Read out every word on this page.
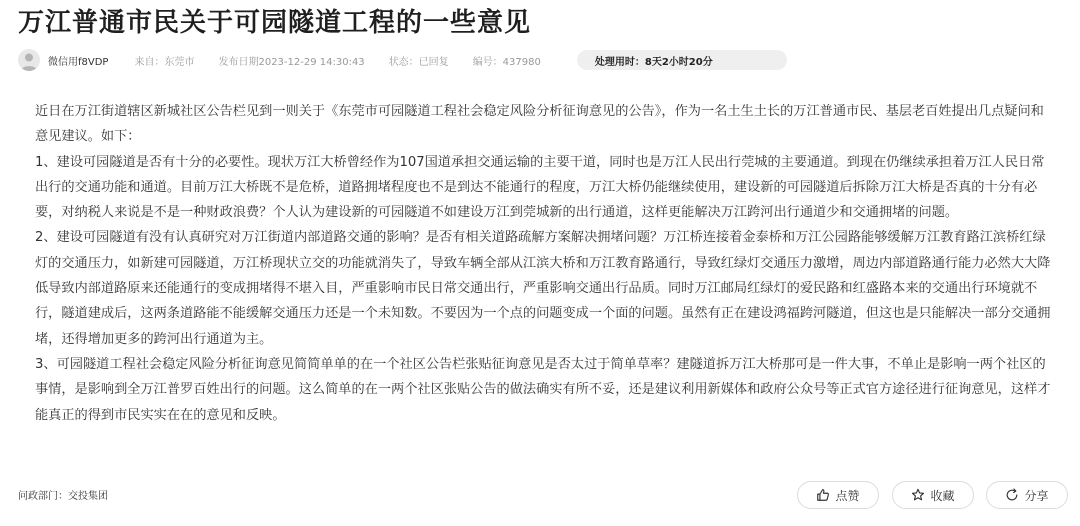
万江普通市民关于可园隧道工程的一些意见
微信用f8VDP	来自：东莞市 发布日期2023-12-29 14:30:43 状态：已回复 编号：437980	处理用时：8天2小时20分

近日在万江街道辖区新城社区公告栏见到一则关于《东莞市可园隧道工程社会稳定风险分析征询意见的公告》，作为一名土生土长的万江普通市民、基层老百姓提出几点疑问和意见建议。如下：

1、建设可园隧道是否有十分的必要性。现状万江大桥曾经作为107国道承担交通运输的主要干道，同时也是万江人民出行莞城的主要通道。到现在仍继续承担着万江人民日常出行的交通功能和通道。目前万江大桥既不是危桥，道路拥堵程度也不是到达不能通行的程度，万江大桥仍能继续使用，建设新的可园隧道后拆除万江大桥是否真的十分有必要，对纳税人来说是不是一种财政浪费？个人认为建设新的可园隧道不如建设万江到莞城新的出行通道，这样更能解决万江跨河出行通道少和交通拥堵的问题。

2、建设可园隧道有没有认真研究对万江街道内部道路交通的影响？是否有相关道路疏解方案解决拥堵问题？万江桥连接着金泰桥和万江公园路能够缓解万江教育路江滨桥红绿灯的交通压力，如新建可园隧道，万江桥现状立交的功能就消失了，导致车辆全部从江滨大桥和万江教育路通行，导致红绿灯交通压力激增，周边内部道路通行能力必然大大降低导致内部道路原来还能通行的变成拥堵得不堪入目，严重影响市民日常交通出行，严重影响交通出行品质。同时万江邮局红绿灯的爱民路和红盛路本来的交通出行环境就不行，隧道建成后，这两条道路能不能缓解交通压力还是一个未知数。不要因为一个点的问题变成一个面的问题。虽然有正在建设鸿福跨河隧道，但这也是只能解决一部分交通拥堵，还得增加更多的跨河出行通道为主。

3、可园隧道工程社会稳定风险分析征询意见简简单单的在一个社区公告栏张贴征询意见是否太过于简单草率？建隧道拆万江大桥那可是一件大事，不单止是影响一两个社区的事情，是影响到全万江普罗百姓出行的问题。这么简单的在一两个社区张贴公告的做法确实有所不妥，还是建议利用新媒体和政府公众号等正式官方途径进行征询意见，这样才能真正的得到市民实实在在的意见和反映。

问政部门：交投集团	点赞	收藏	分享
